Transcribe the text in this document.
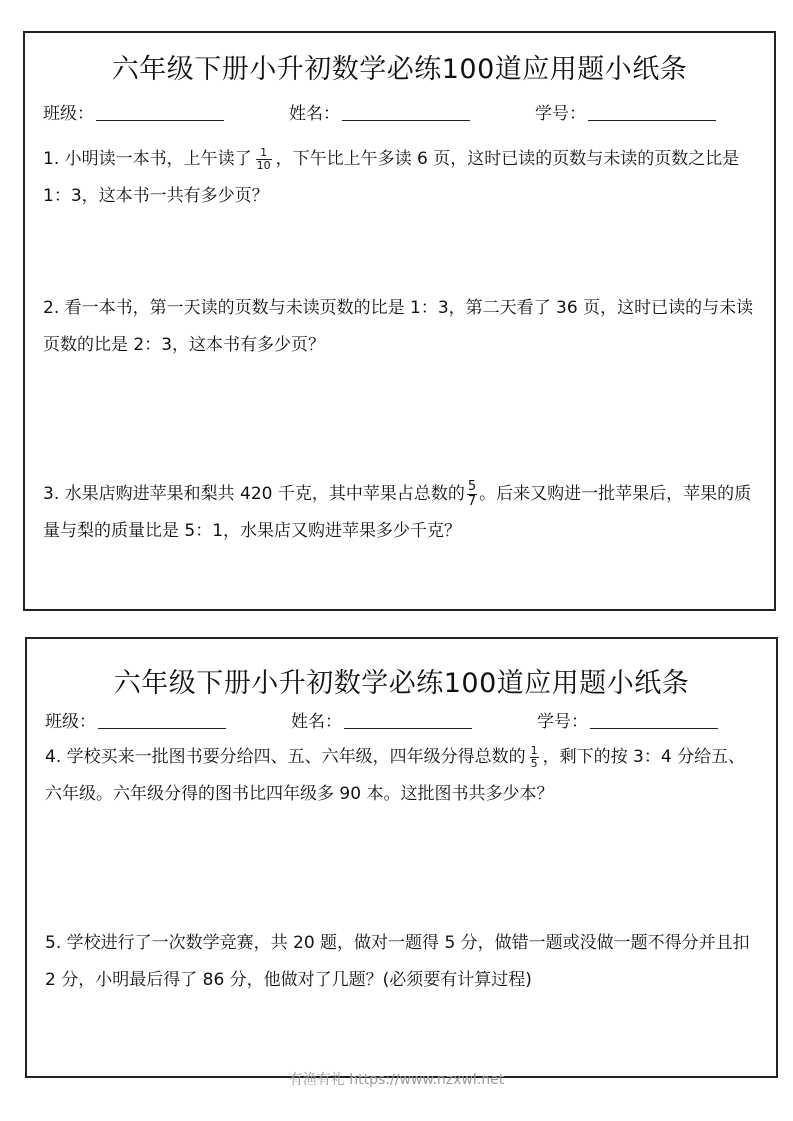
六年级下册小升初数学必练100道应用题小纸条
班级：	姓名：	学号：
1. 小明读一本书，上午读了 $\frac{1}{10}$ ，下午比上午多读 6 页，这时已读的页数与未读的页数之比是 1：3，这本书一共有多少页？
2. 看一本书，第一天读的页数与未读页数的比是 1：3，第二天看了 36 页，这时已读的与未读页数的比是 2：3，这本书有多少页？
3. 水果店购进苹果和梨共 420 千克，其中苹果占总数的 $\frac{5}{7}$ 。后来又购进一批苹果后，苹果的质量与梨的质量比是 5：1，水果店又购进苹果多少千克？
六年级下册小升初数学必练100道应用题小纸条
班级：	姓名：	学号：
4. 学校买来一批图书要分给四、五、六年级，四年级分得总数的 $\frac{1}{5}$ ，剩下的按 3：4 分给五、六年级。六年级分得的图书比四年级多 90 本。这批图书共多少本？
5. 学校进行了一次数学竞赛，共 20 题，做对一题得 5 分，做错一题或没做一题不得分并且扣 2 分，小明最后得了 86 分，他做对了几题？(必须要有计算过程)
有渔有礼 https://www.nzxwl.net
